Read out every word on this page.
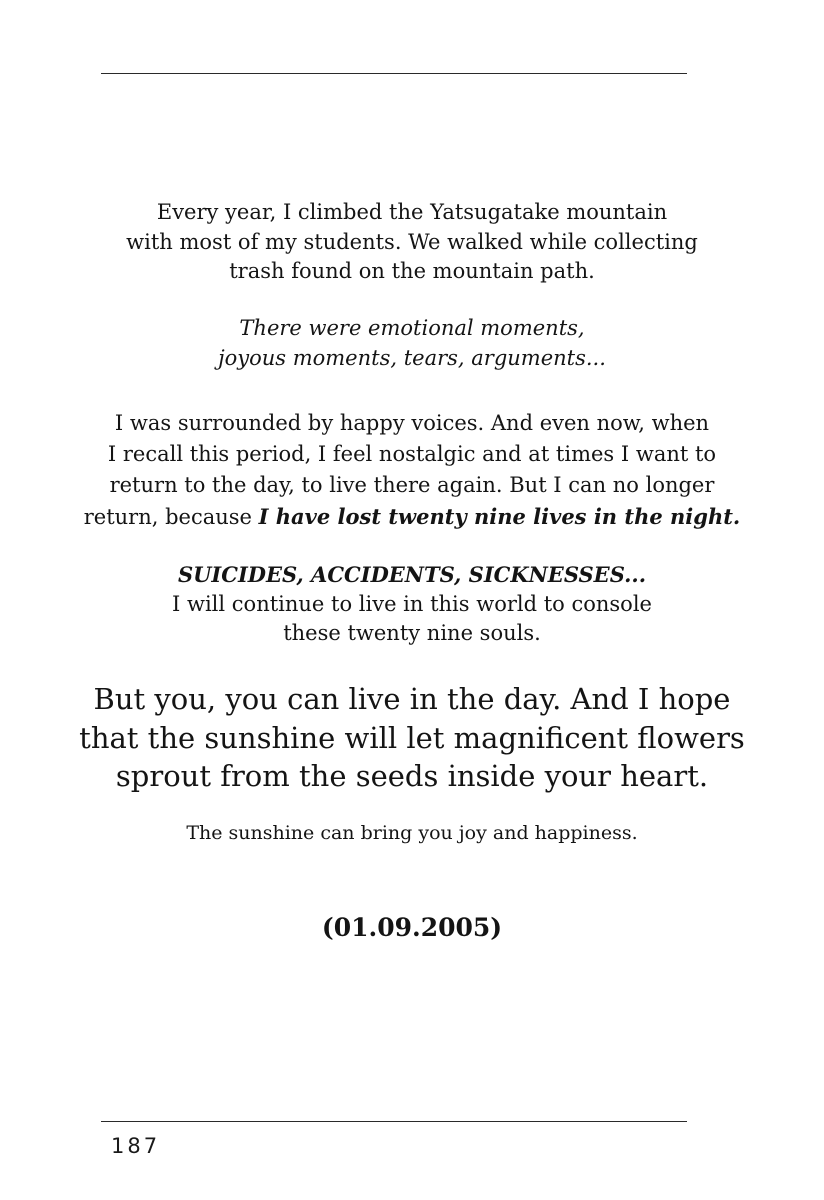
Every year, I climbed the Yatsugatake mountain
with most of my students. We walked while collecting
trash found on the mountain path.
There were emotional moments,
joyous moments, tears, arguments...
I was surrounded by happy voices. And even now, when
I recall this period, I feel nostalgic and at times I want to
return to the day, to live there again. But I can no longer
return, because I have lost twenty nine lives in the night.
SUICIDES, ACCIDENTS, SICKNESSES...
I will continue to live in this world to console
these twenty nine souls.
But you, you can live in the day. And I hope
that the sunshine will let magnificent flowers
sprout from the seeds inside your heart.
The sunshine can bring you joy and happiness.
(01.09.2005)
187
